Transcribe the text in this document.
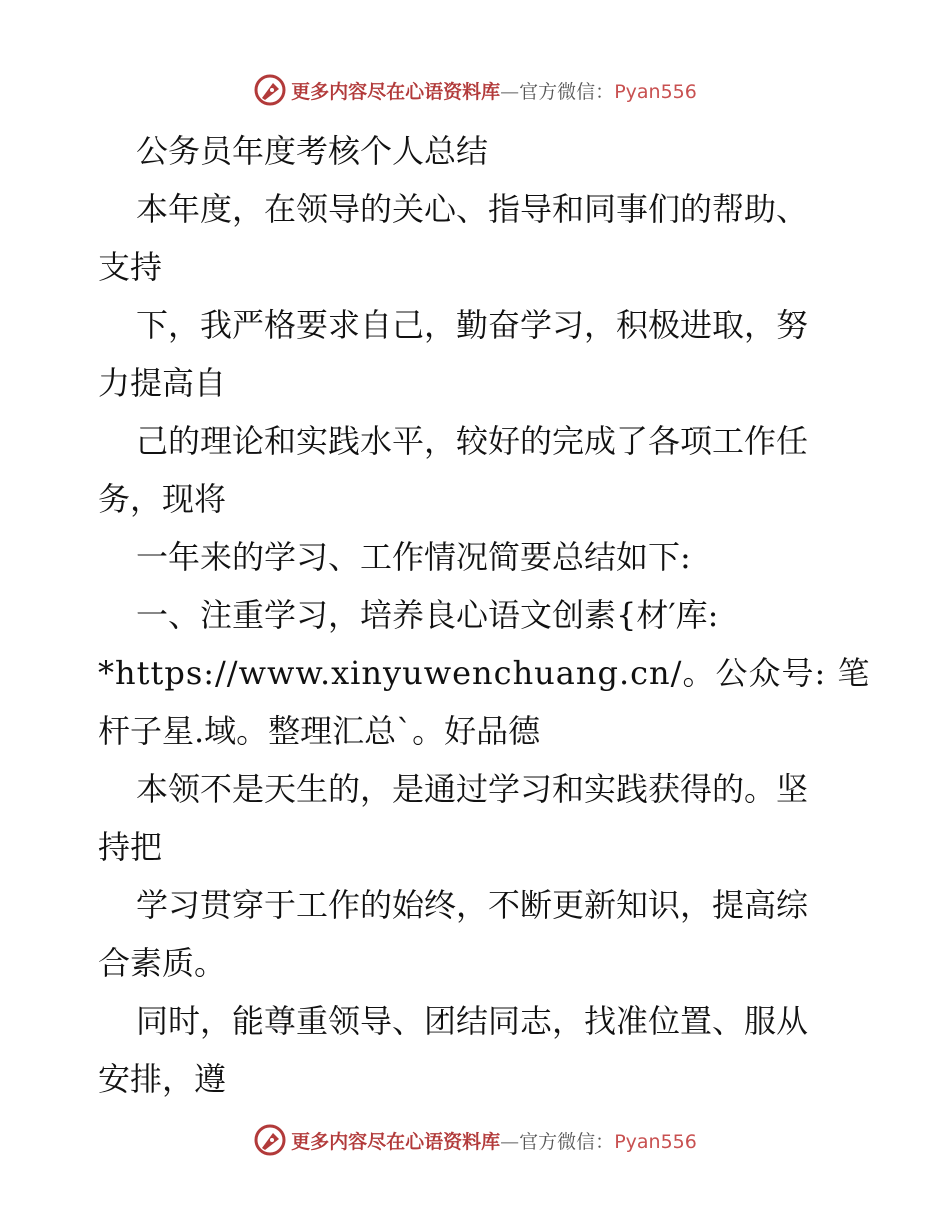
更多内容尽在心语资料库 — 官方微信： Pyan556
公务员年度考核个人总结
本年度，在领导的关心、指导和同事们的帮助、
支持
下，我严格要求自己，勤奋学习，积极进取，努
力提高自
己的理论和实践水平，较好的完成了各项工作任
务，现将
一年来的学习、工作情况简要总结如下:
一、注重学习，培养良心语文创素{材′库:
*https://www.xinyuwenchuang.cn/。公众号: 笔
杆子星.域。整理汇总`。好品德
本领不是天生的，是通过学习和实践获得的。坚
持把
学习贯穿于工作的始终，不断更新知识，提高综
合素质。
同时，能尊重领导、团结同志，找准位置、服从
安排，遵
更多内容尽在心语资料库 — 官方微信： Pyan556
